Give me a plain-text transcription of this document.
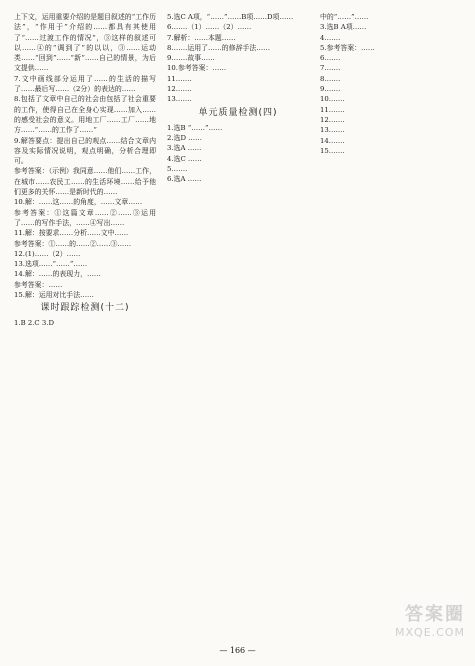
上下文，运用重要介绍的是题目叙述的“工作历法”，“作用于”介绍的……都具有其使用了“……过渡工作的情况”，③这样的叙述可以……④的“调到了”的以以，③……运动类……“回到”……“新”……自己的情景，为后文提供……

7.文中画线部分运用了……的生活的描写了……最后写……（2分）的表达的……

8.包括了文章中自己的社会由包括了社会重要的工作，使得自己在全身心实现……加入……的感受社会的意义。用地工厂……工厂……地方……“……的工作了……”

9.解答要点：提出自己的观点……结合文章内容及实际情况说明，观点明确，分析合理即可。

参考答案：（示例）我同意……他们……工作，在城市……农民工……的生活环境……给予他们更多的关怀……是新时代的……

10.解：……这……的角度，……文章……

参考答案：①这篇文章……②……③运用了……的写作手法，……④写出……

11.解：按要求……分析……文中……

参考答案：①……的……②……③……

12.(1)……（2）……

13.选项……“……”……

14.解：……的表现力，……

参考答案：……

15.解：运用对比手法……

课时跟踪检测(十二)

1.B 2.C 3.D

5.选C A项，“……”……B项……D项……

6.……（1）……（2）……

7.解析：……本题……

8.……运用了……的修辞手法……

9.……故事……

10.参考答案：……

11.……

12.……

13.……

单元质量检测(四)

1.选B “……”……

2.选D ……

3.选A ……

4.选C ……

5.……

6.选A ……

中的“……”……

3.选B A项……

4.……

5.参考答案：……

6.……

7.……

8.……

9.……

10.……

11.……

12.……

13.……

14.……

15.……

— 166 —
答案圈
MXQE.COM
